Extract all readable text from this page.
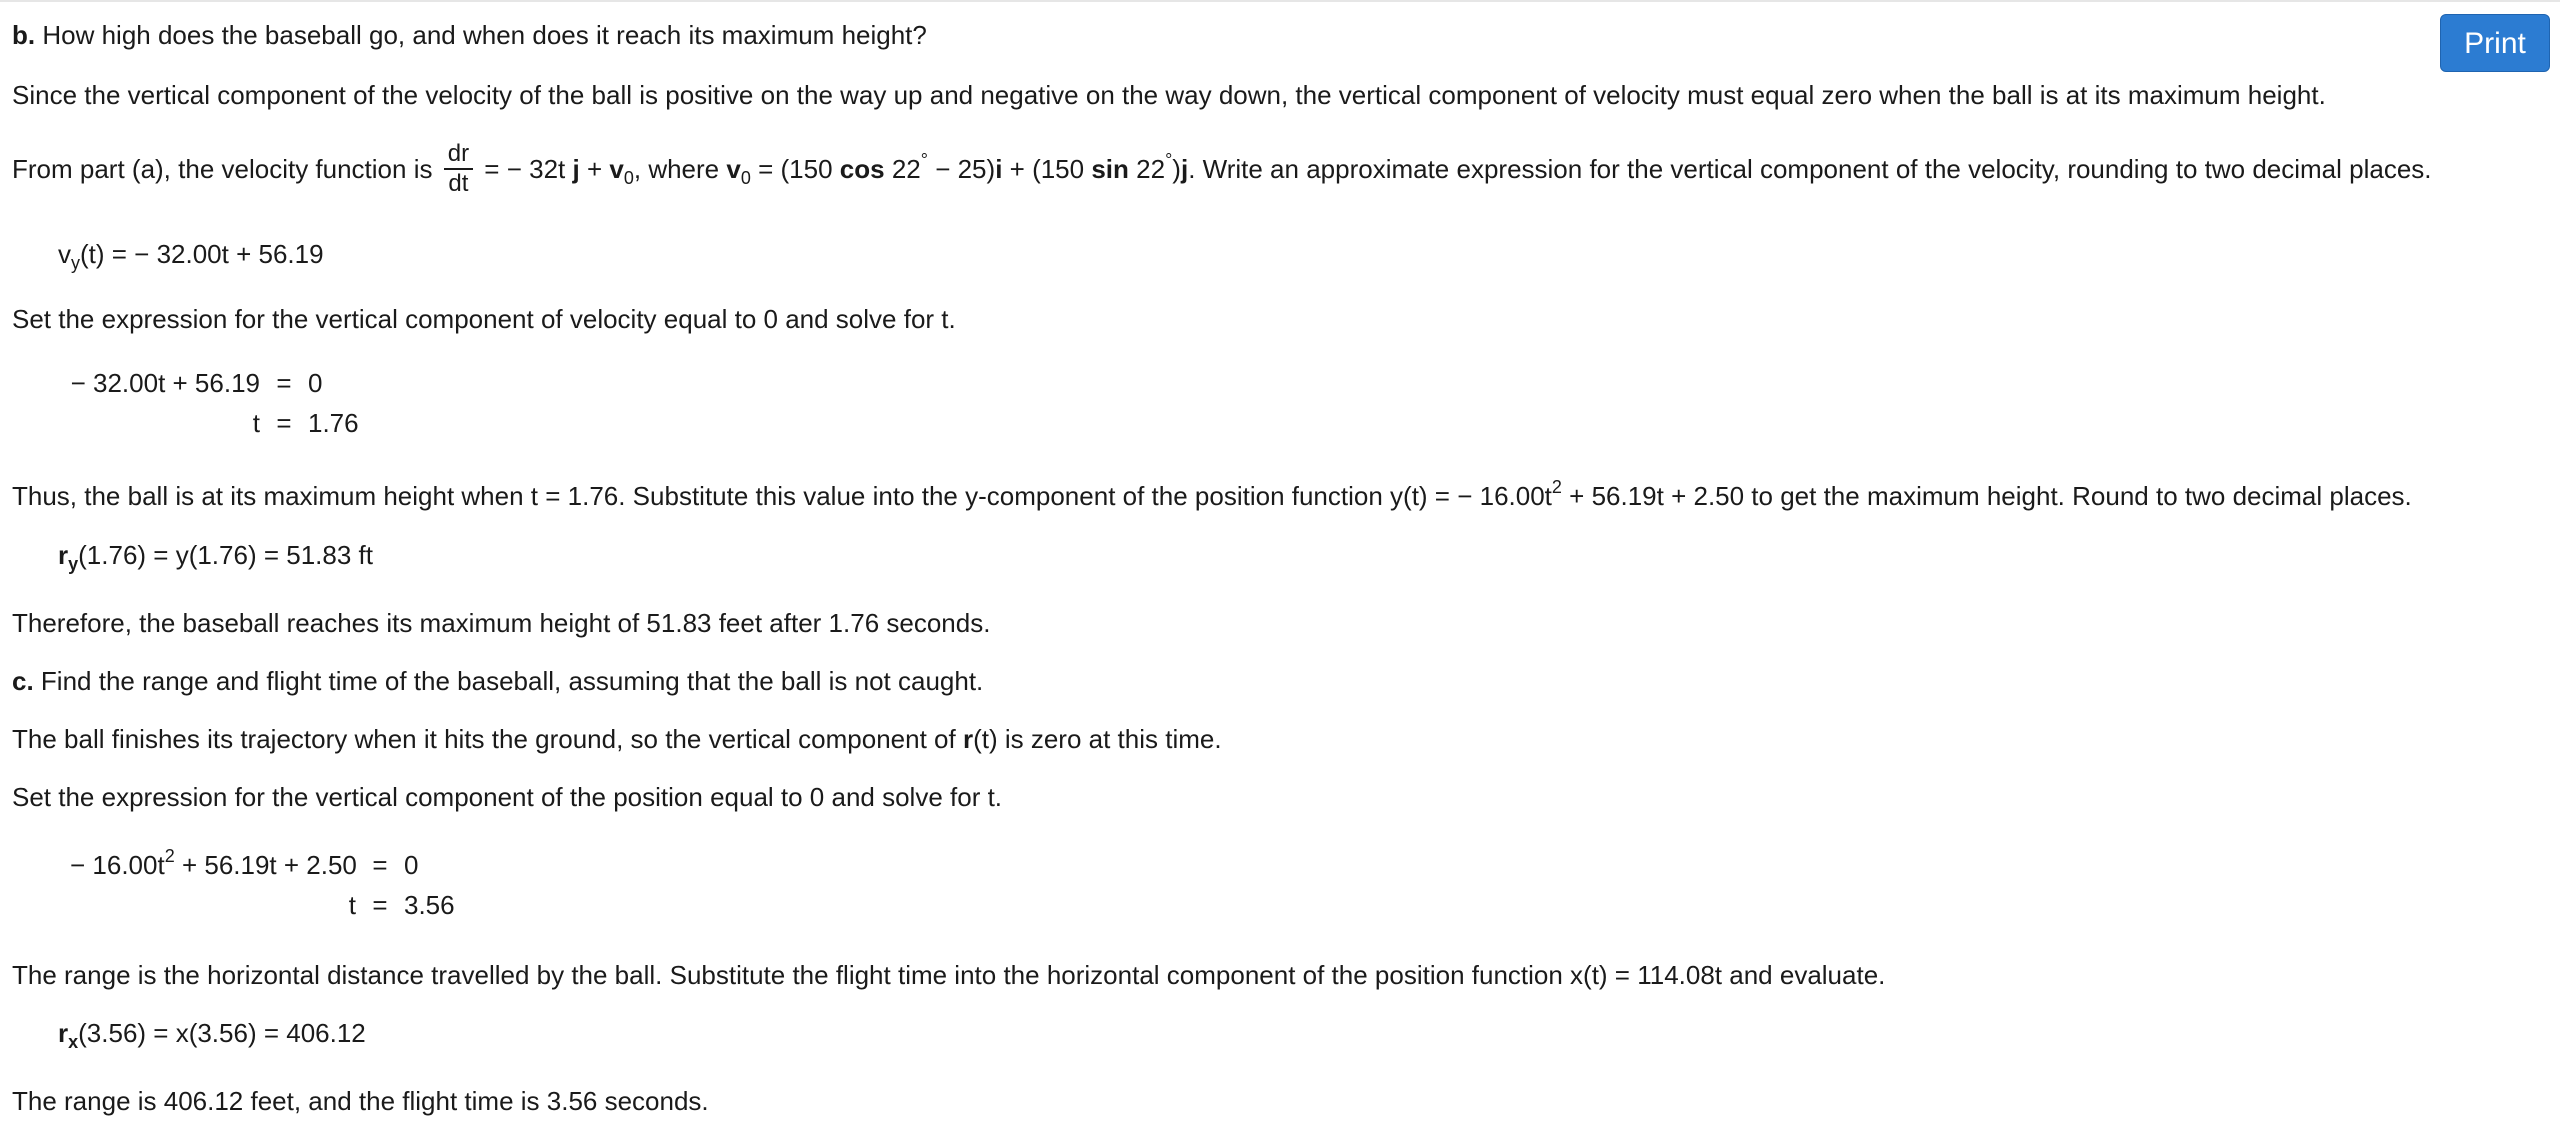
Print
b. How high does the baseball go, and when does it reach its maximum height?
Since the vertical component of the velocity of the ball is positive on the way up and negative on the way down, the vertical component of velocity must equal zero when the ball is at its maximum height.
From part (a), the velocity function is $\frac{dr}{dt}$ = − 32t $j + v_0$, where $v_0 = (150$ cos 22° − 25)i + (150 sin 22°)j. Write an approximate expression for the vertical component of the velocity, rounding to two decimal places.
$v_y(t)$ = − 32.00t + 56.19
Set the expression for the vertical component of velocity equal to 0 and solve for t.
− 32.00t + 56.19 = 0
t = 1.76
Thus, the ball is at its maximum height when t = 1.76. Substitute this value into the y-component of the position function y(t) = − $16.00t^2 + 56.19t + 2.50$ to get the maximum height. Round to two decimal places.
$r_y(1.76) = y(1.76) = 51.83$ ft
Therefore, the baseball reaches its maximum height of 51.83 feet after 1.76 seconds.
c. Find the range and flight time of the baseball, assuming that the ball is not caught.
The ball finishes its trajectory when it hits the ground, so the vertical component of r(t) is zero at this time.
Set the expression for the vertical component of the position equal to 0 and solve for t.
− $16.00t^2 + 56.19t + 2.50 = 0$
t = 3.56
The range is the horizontal distance travelled by the ball. Substitute the flight time into the horizontal component of the position function x(t) = 114.08t and evaluate.
$r_x(3.56) = x(3.56) = 406.12$
The range is 406.12 feet, and the flight time is 3.56 seconds.
